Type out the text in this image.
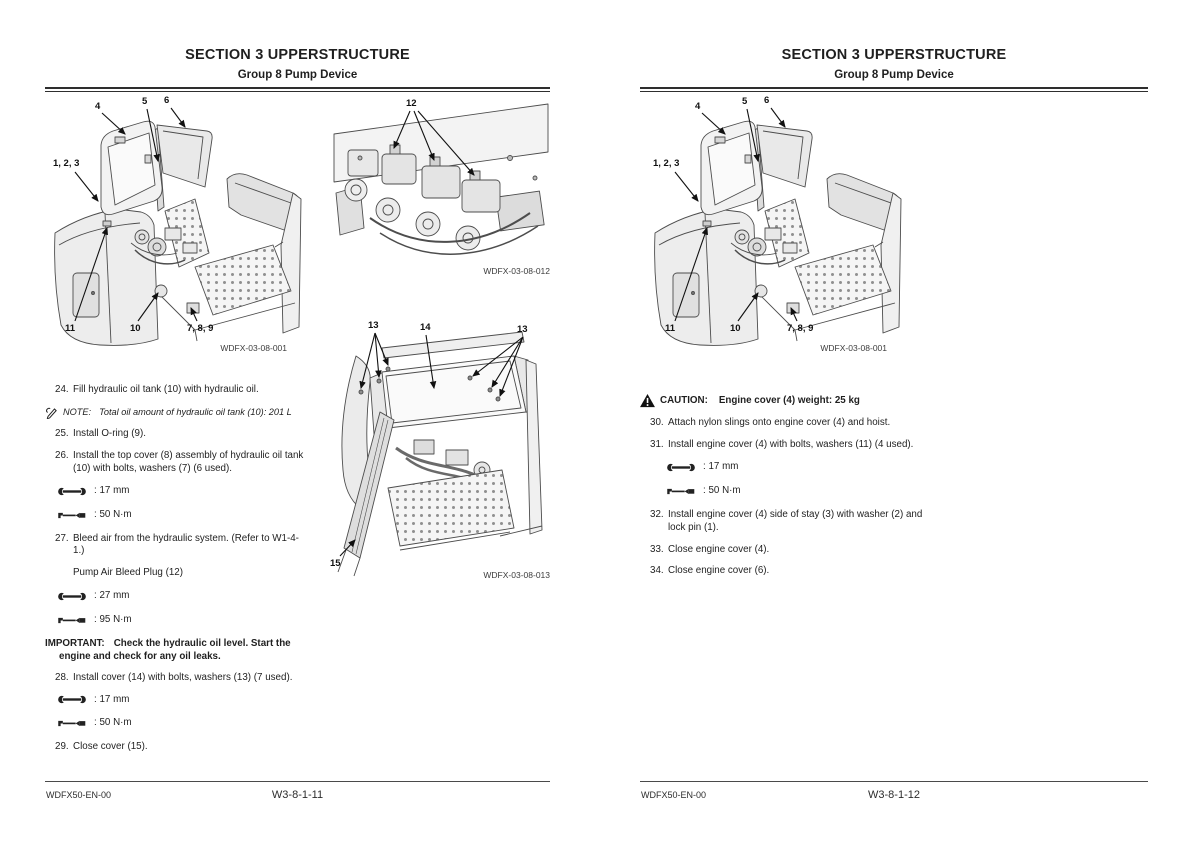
SECTION 3 UPPERSTRUCTURE
Group 8 Pump Device
4	5 6
1, 2, 3
11	10	7, 8, 9
WDFX-03-08-001
12
WDFX-03-08-012
13	14	13
15
WDFX-03-08-013
24. Fill hydraulic oil tank (10) with hydraulic oil.
NOTE: Total oil amount of hydraulic oil tank (10): 201 L
25. Install O-ring (9).
26. Install the top cover (8) assembly of hydraulic oil tank (10) with bolts, washers (7) (6 used).
: 17 mm
: 50 N·m
27. Bleed air from the hydraulic system. (Refer to W1-4-1.)
Pump Air Bleed Plug (12)
: 27 mm
: 95 N·m

IMPORTANT: Check the hydraulic oil level. Start the engine and check for any oil leaks.

28. Install cover (14) with bolts, washers (13) (7 used).
: 17 mm
: 50 N·m
29. Close cover (15).
WDFX50-EN-00	W3-8-1-11
SECTION 3 UPPERSTRUCTURE
Group 8 Pump Device
4	5 6
1, 2, 3
11	10	7, 8, 9
WDFX-03-08-001
CAUTION: Engine cover (4) weight: 25 kg
30. Attach nylon slings onto engine cover (4) and hoist.
31. Install engine cover (4) with bolts, washers (11) (4 used).
: 17 mm
: 50 N·m
32. Install engine cover (4) side of stay (3) with washer (2) and lock pin (1).
33. Close engine cover (4).
34. Close engine cover (6).
WDFX50-EN-00	W3-8-1-12
